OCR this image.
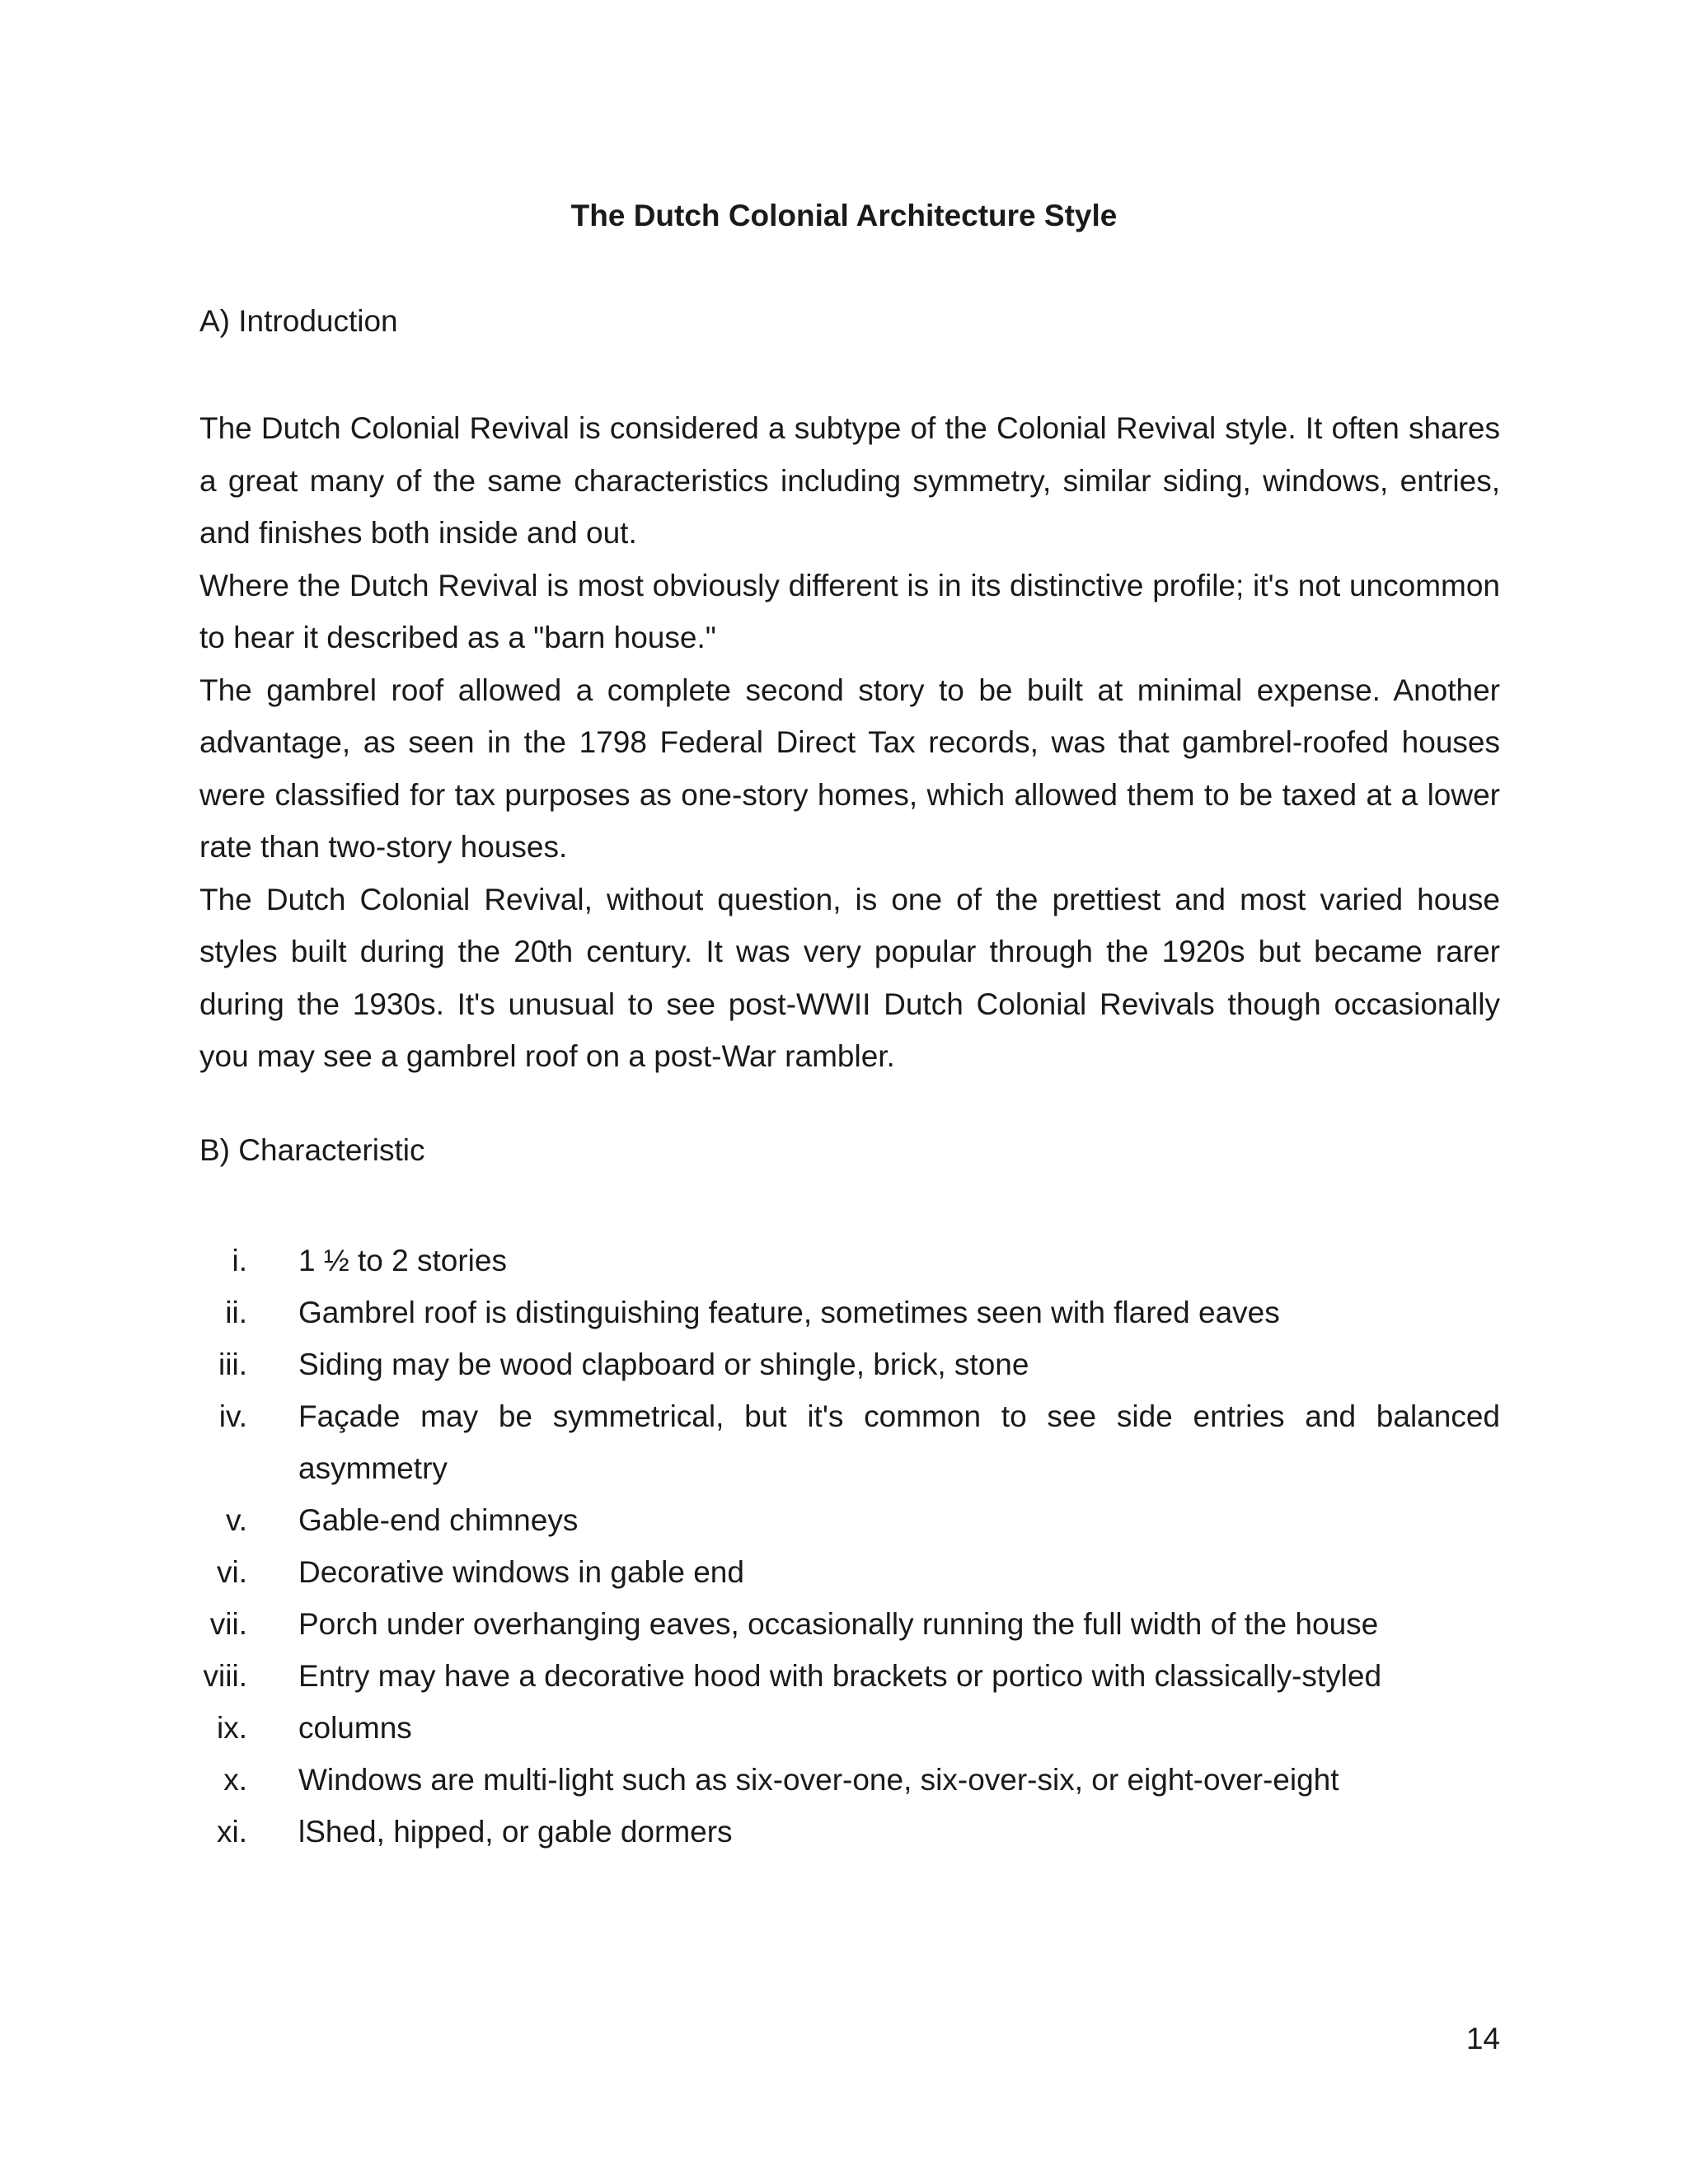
The Dutch Colonial Architecture Style
A) Introduction

The Dutch Colonial Revival is considered a subtype of the Colonial Revival style. It often shares a great many of the same characteristics including symmetry, similar siding, windows, entries, and finishes both inside and out.

Where the Dutch Revival is most obviously different is in its distinctive profile; it's not uncommon to hear it described as a "barn house."

The gambrel roof allowed a complete second story to be built at minimal expense. Another advantage, as seen in the 1798 Federal Direct Tax records, was that gambrel-roofed houses were classified for tax purposes as one-story homes, which allowed them to be taxed at a lower rate than two-story houses.

The Dutch Colonial Revival, without question, is one of the prettiest and most varied house styles built during the 20th century. It was very popular through the 1920s but became rarer during the 1930s. It's unusual to see post-WWII Dutch Colonial Revivals though occasionally you may see a gambrel roof on a post-War rambler.

B) Characteristic
i. 1 ½ to 2 stories
ii. Gambrel roof is distinguishing feature, sometimes seen with flared eaves
iii. Siding may be wood clapboard or shingle, brick, stone
iv. Façade may be symmetrical, but it's common to see side entries and balanced asymmetry
v. Gable-end chimneys
vi. Decorative windows in gable end
vii. Porch under overhanging eaves, occasionally running the full width of the house
viii. Entry may have a decorative hood with brackets or portico with classically-styled
ix. columns
x. Windows are multi-light such as six-over-one, six-over-six, or eight-over-eight
xi. lShed, hipped, or gable dormers
14
